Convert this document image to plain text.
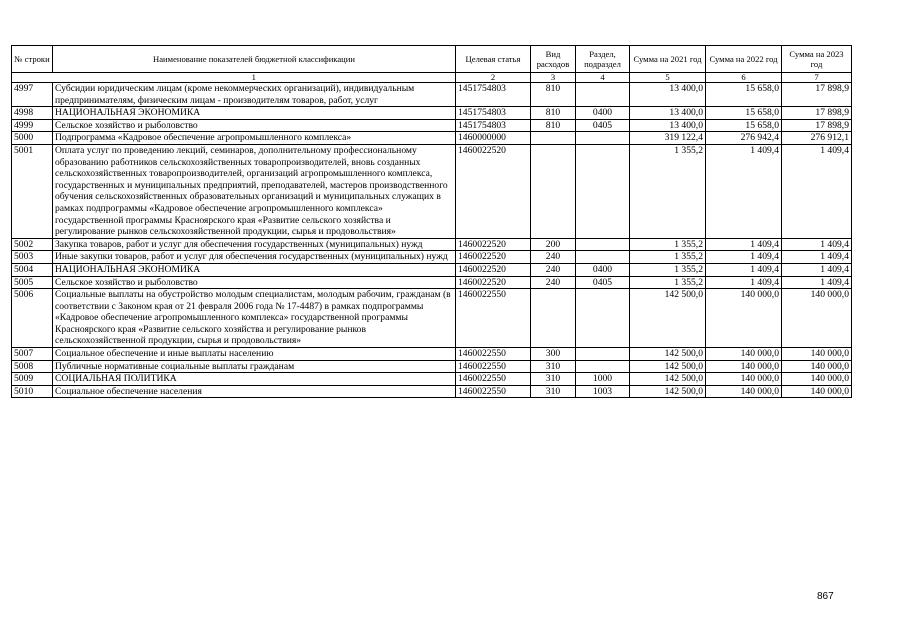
№ строки	Наименование показателей бюджетной классификации	Целевая статья	Вид расходов	Раздел, подраздел	Сумма на 2021 год	Сумма на 2022 год	Сумма на 2023 год
	1	2	3	4	5	6	7
4997	Субсидии юридическим лицам (кроме некоммерческих организаций), индивидуальным предпринимателям, физическим лицам - производителям товаров, работ, услуг	1451754803	810		13 400,0	15 658,0	17 898,9
4998	НАЦИОНАЛЬНАЯ ЭКОНОМИКА	1451754803	810	0400	13 400,0	15 658,0	17 898,9
4999	Сельское хозяйство и рыболовство	1451754803	810	0405	13 400,0	15 658,0	17 898,9
5000	Подпрограмма «Кадровое обеспечение агропромышленного комплекса»	1460000000			319 122,4	276 942,4	276 912,1
5001	Оплата услуг по проведению лекций, семинаров, дополнительному профессиональному образованию работников сельскохозяйственных товаропроизводителей, вновь созданных сельскохозяйственных товаропроизводителей, организаций агропромышленного комплекса, государственных и муниципальных предприятий, преподавателей, мастеров производственного обучения сельскохозяйственных образовательных организаций и муниципальных служащих в рамках подпрограммы «Кадровое обеспечение агропромышленного комплекса» государственной программы Красноярского края «Развитие сельского хозяйства и регулирование рынков сельскохозяйственной продукции, сырья и продовольствия»	1460022520			1 355,2	1 409,4	1 409,4
5002	Закупка товаров, работ и услуг для обеспечения государственных (муниципальных) нужд	1460022520	200		1 355,2	1 409,4	1 409,4
5003	Иные закупки товаров, работ и услуг для обеспечения государственных (муниципальных) нужд	1460022520	240		1 355,2	1 409,4	1 409,4
5004	НАЦИОНАЛЬНАЯ ЭКОНОМИКА	1460022520	240	0400	1 355,2	1 409,4	1 409,4
5005	Сельское хозяйство и рыболовство	1460022520	240	0405	1 355,2	1 409,4	1 409,4
5006	Социальные выплаты на обустройство молодым специалистам, молодым рабочим, гражданам (в соответствии с Законом края от 21 февраля 2006 года № 17-4487) в рамках подпрограммы «Кадровое обеспечение агропромышленного комплекса» государственной программы Красноярского края «Развитие сельского хозяйства и регулирование рынков сельскохозяйственной продукции, сырья и продовольствия»	1460022550			142 500,0	140 000,0	140 000,0
5007	Социальное обеспечение и иные выплаты населению	1460022550	300		142 500,0	140 000,0	140 000,0
5008	Публичные нормативные социальные выплаты гражданам	1460022550	310		142 500,0	140 000,0	140 000,0
5009	СОЦИАЛЬНАЯ ПОЛИТИКА	1460022550	310	1000	142 500,0	140 000,0	140 000,0
5010	Социальное обеспечение населения	1460022550	310	1003	142 500,0	140 000,0	140 000,0
867
